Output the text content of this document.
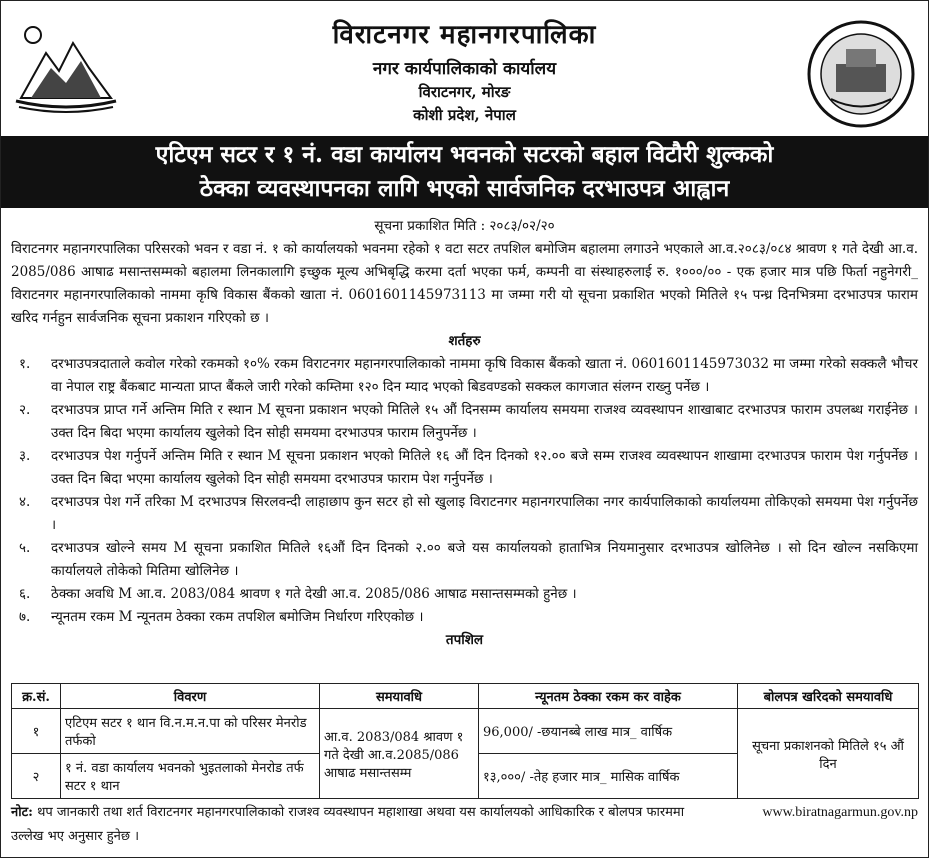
विराटनगर महानगरपालिका
नगर कार्यपालिकाको कार्यालय
विराटनगर, मोरङ
कोशी प्रदेश, नेपाल
एटिएम सटर र १ नं. वडा कार्यालय भवनको सटरको बहाल विटौरी शुल्कको
ठेक्का व्यवस्थापनका लागि भएको सार्वजनिक दरभाउपत्र आह्वान
सूचना प्रकाशित मिति : २०८३/०२/२०
विराटनगर महानगरपालिका परिसरको भवन र वडा नं. १ को कार्यालयको भवनमा रहेको १ वटा सटर तपशिल बमोजिम बहालमा लगाउने भएकाले आ.व.२०८३/०८४ श्रावण १ गते देखी आ.व. 2085/086 आषाढ मसान्तसम्मको बहालमा लिनकालागि इच्छुक मूल्य अभिबृद्धि करमा दर्ता भएका फर्म, कम्पनी वा संस्थाहरुलाई रु. १०००/०० - एक हजार मात्र पछि फिर्ता नहुनेगरी_ विराटनगर महानगरपालिकाको नाममा कृषि विकास बैंकको खाता नं. 0601601145973113 मा जम्मा गरी यो सूचना प्रकाशित भएको मितिले १५ पन्ध्र दिनभित्रमा दरभाउपत्र फाराम खरिद गर्नहुन सार्वजनिक सूचना प्रकाशन गरिएको छ ।
शर्तहरु
१.	दरभाउपत्रदाताले कवोल गरेको रकमको १०% रकम विराटनगर महानगरपालिकाको नाममा कृषि विकास बैंकको खाता नं. 0601601145973032 मा जम्मा गरेको सक्कलै भौचर वा नेपाल राष्ट्र बैंकबाट मान्यता प्राप्त बैंकले जारी गरेको कम्तिमा १२० दिन म्याद भएको बिडवण्डको सक्कल कागजात संलग्न राख्नु पर्नेछ ।
२.	दरभाउपत्र प्राप्त गर्ने अन्तिम मिति र स्थान M सूचना प्रकाशन भएको मितिले १५ औं दिनसम्म कार्यालय समयमा राजश्व व्यवस्थापन शाखाबाट दरभाउपत्र फाराम उपलब्ध गराईनेछ । उक्त दिन बिदा भएमा कार्यालय खुलेको दिन सोही समयमा दरभाउपत्र फाराम लिनुपर्नेछ ।
३.	दरभाउपत्र पेश गर्नुपर्ने अन्तिम मिति र स्थान M सूचना प्रकाशन भएको मितिले १६ औं दिन दिनको १२.०० बजे सम्म राजश्व व्यवस्थापन शाखामा दरभाउपत्र फाराम पेश गर्नुपर्नेछ । उक्त दिन बिदा भएमा कार्यालय खुलेको दिन सोही समयमा दरभाउपत्र फाराम पेश गर्नुपर्नेछ ।
४.	दरभाउपत्र पेश गर्ने तरिका M दरभाउपत्र सिरलवन्दी लाहाछाप कुन सटर हो सो खुलाइ विराटनगर महानगरपालिका नगर कार्यपालिकाको कार्यालयमा तोकिएको समयमा पेश गर्नुपर्नेछ ।
५.	दरभाउपत्र खोल्ने समय M सूचना प्रकाशित मितिले १६औं दिन दिनको २.०० बजे यस कार्यालयको हाताभित्र नियमानुसार दरभाउपत्र खोलिनेछ । सो दिन खोल्न नसकिएमा कार्यालयले तोकेको मितिमा खोलिनेछ ।
६.	ठेक्का अवधि M आ.व. 2083/084 श्रावण १ गते देखी आ.व. 2085/086 आषाढ मसान्तसम्मको हुनेछ ।
७.	न्यूनतम रकम M न्यूनतम ठेक्का रकम तपशिल बमोजिम निर्धारण गरिएकोछ ।
तपशिल
क्र.सं.	विवरण	समयावधि	न्यूनतम ठेक्का रकम कर वाहेक	बोलपत्र खरिदको समयावधि
१	एटिएम सटर १ थान वि.न.म.न.पा को परिसर मेनरोड तर्फको	आ.व. 2083/084 श्रावण १ गते देखी आ.व.2085/086 आषाढ मसान्तसम्म	96,000/ -छयानब्बे लाख मात्र_ वार्षिक	सूचना प्रकाशनको मितिले १५ औं दिन
२	१ नं. वडा कार्यालय भवनको भुइतलाको मेनरोड तर्फ सटर १ थान		१३,०००/ -तेह हजार मात्र_ मासिक वार्षिक	
नोट: थप जानकारी तथा शर्त विराटनगर महानगरपालिकाको राजश्व व्यवस्थापन महाशाखा अथवा यस कार्यालयको आधिकारिक र बोलपत्र फारममा उल्लेख भए अनुसार हुनेछ ।
www.biratnagarmun.gov.np
